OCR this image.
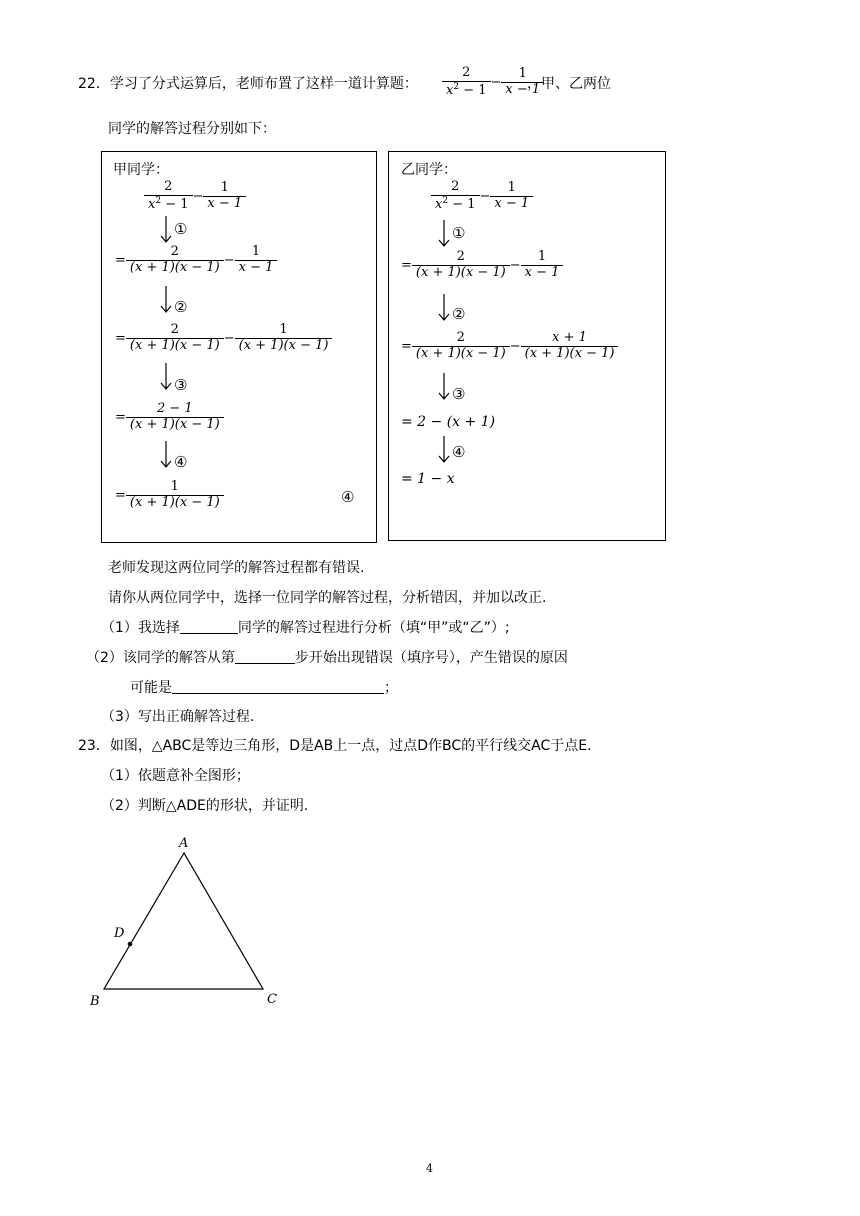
22．学习了分式运算后，老师布置了这样一道计算题： $\frac{2}{x^2 - 1} - \frac{1}{x - 1}$
，甲、乙两位
同学的解答过程分别如下：
甲同学：
$\frac{2}{x^2 - 1} - \frac{1}{x - 1}$
①
= $\frac{2}{(x + 1)(x - 1)} - \frac{1}{x - 1}$
②
= $\frac{2}{(x + 1)(x - 1)} - \frac{1}{(x + 1)(x - 1)}$
③
= $\frac{2 - 1}{(x + 1)(x - 1)}$
④
= $\frac{1}{(x + 1)(x - 1)}$	④
乙同学：
$\frac{2}{x^2 - 1} - \frac{1}{x - 1}$
①
= $\frac{2}{(x + 1)(x - 1)} - \frac{1}{x - 1}$
②
= $\frac{2}{(x + 1)(x - 1)} - \frac{x + 1}{(x + 1)(x - 1)}$
③
= 2 − (x + 1)
④
= 1 − x
老师发现这两位同学的解答过程都有错误.
请你从两位同学中，选择一位同学的解答过程，分析错因，并加以改正.
（1）我选择	同学的解答过程进行分析（填“甲”或“乙”）;
（2）该同学的解答从第	步开始出现错误（填序号），产生错误的原因
可能是	；
（3）写出正确解答过程.
23．如图，△ABC是等边三角形，D是AB上一点，过点D作BC的平行线交AC于点E.
（1）依题意补全图形；
（2）判断△ADE的形状，并证明.
A
B	C
D
4
